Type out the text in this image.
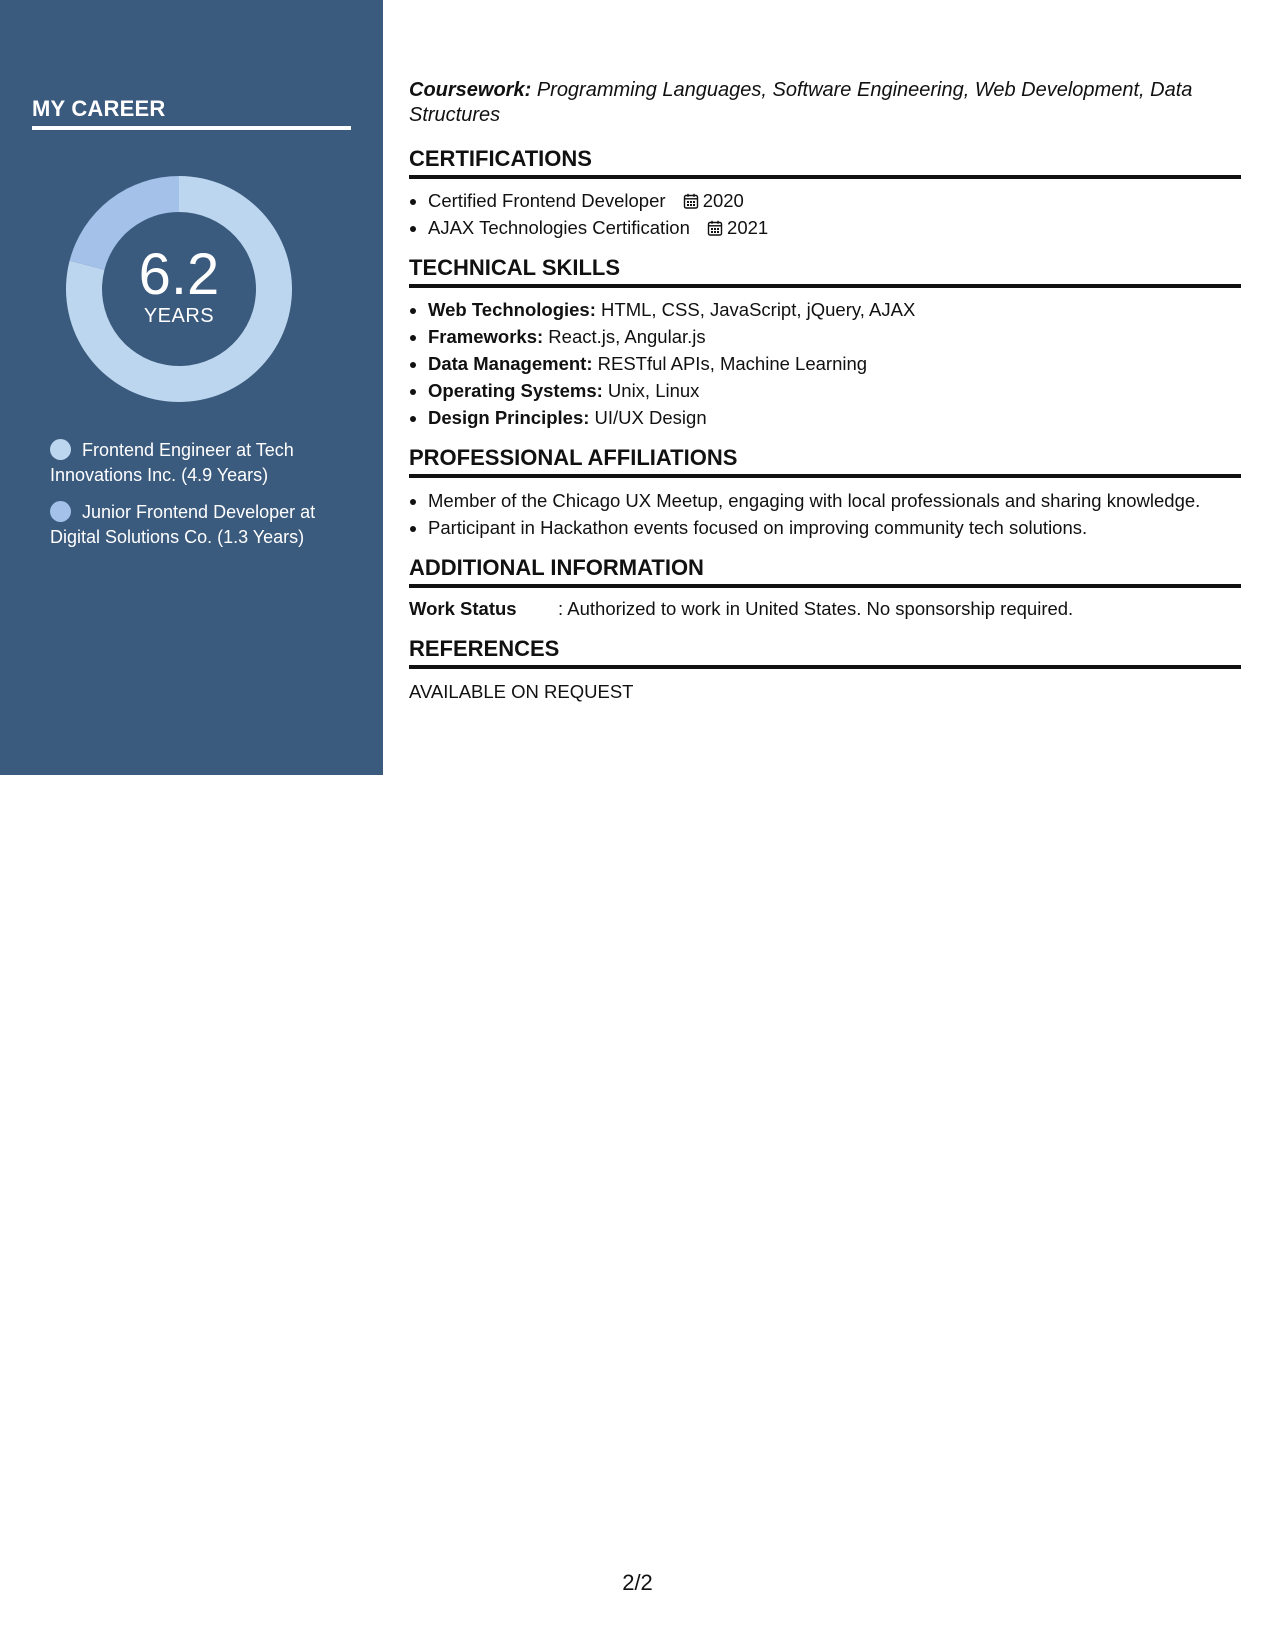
MY CAREER
6.2
YEARS
Frontend Engineer at Tech Innovations Inc. (4.9 Years)
Junior Frontend Developer at Digital Solutions Co. (1.3 Years)

Coursework: Programming Languages, Software Engineering, Web Development, Data Structures

CERTIFICATIONS
• Certified Frontend Developer 2020
• AJAX Technologies Certification 2021
TECHNICAL SKILLS
• Web Technologies: HTML, CSS, JavaScript, jQuery, AJAX
• Frameworks: React.js, Angular.js
• Data Management: RESTful APIs, Machine Learning
• Operating Systems: Unix, Linux
• Design Principles: UI/UX Design
PROFESSIONAL AFFILIATIONS
• Member of the Chicago UX Meetup, engaging with local professionals and sharing knowledge.
• Participant in Hackathon events focused on improving community tech solutions.
ADDITIONAL INFORMATION
Work Status	: Authorized to work in United States. No sponsorship required.
REFERENCES
AVAILABLE ON REQUEST
2/2
